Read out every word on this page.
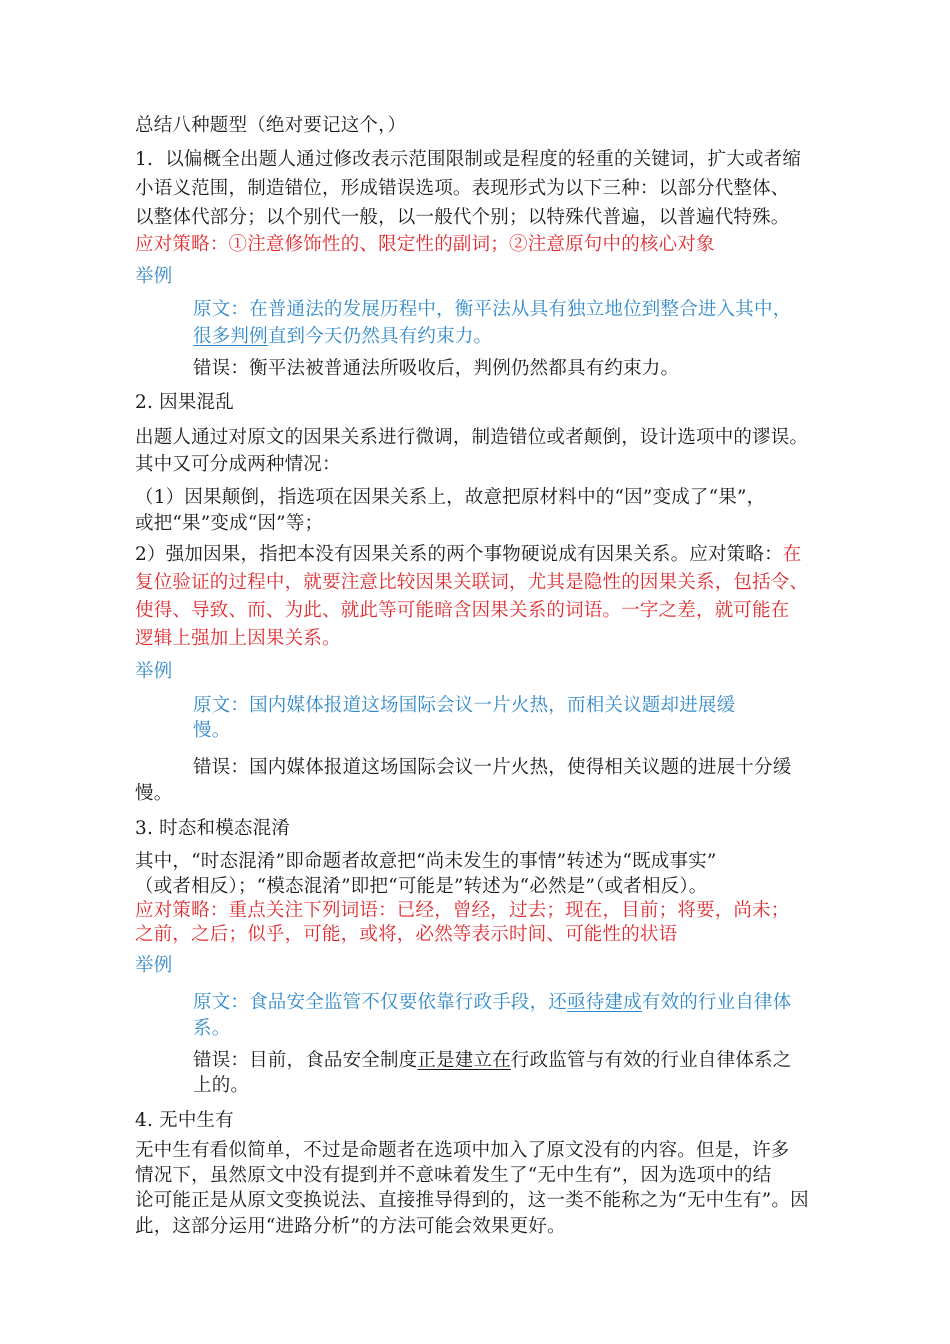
总结八种题型（绝对要记这个，）
1. 以偏概全出题人通过修改表示范围限制或是程度的轻重的关键词，扩大或者缩
小语义范围，制造错位，形成错误选项。表现形式为以下三种：以部分代整体、
以整体代部分；以个别代一般，以一般代个别；以特殊代普遍，以普遍代特殊。
应对策略：①注意修饰性的、限定性的副词；②注意原句中的核心对象
举例
原文：在普通法的发展历程中，衡平法从具有独立地位到整合进入其中，
很多判例直到今天仍然具有约束力。
错误：衡平法被普通法所吸收后，判例仍然都具有约束力。
2. 因果混乱
出题人通过对原文的因果关系进行微调，制造错位或者颠倒，设计选项中的谬误。
其中又可分成两种情况：
（1）因果颠倒，指选项在因果关系上，故意把原材料中的“因”变成了“果”，
或把“果”变成“因”等；
2）强加因果，指把本没有因果关系的两个事物硬说成有因果关系。应对策略：在
复位验证的过程中，就要注意比较因果关联词，尤其是隐性的因果关系，包括令、
使得、导致、而、为此、就此等可能暗含因果关系的词语。一字之差，就可能在
逻辑上强加上因果关系。
举例
原文：国内媒体报道这场国际会议一片火热，而相关议题却进展缓
慢。
错误：国内媒体报道这场国际会议一片火热，使得相关议题的进展十分缓
慢。
3. 时态和模态混淆
其中，“时态混淆”即命题者故意把“尚未发生的事情”转述为“既成事实”
（或者相反）；“模态混淆”即把“可能是”转述为“必然是”（或者相反）。
应对策略：重点关注下列词语：已经，曾经，过去；现在，目前；将要，尚未；
之前，之后；似乎，可能，或将，必然等表示时间、可能性的状语
举例
原文：食品安全监管不仅要依靠行政手段，还亟待建成有效的行业自律体
系。
错误：目前，食品安全制度正是建立在行政监管与有效的行业自律体系之
上的。
4. 无中生有
无中生有看似简单，不过是命题者在选项中加入了原文没有的内容。但是，许多
情况下，虽然原文中没有提到并不意味着发生了“无中生有”，因为选项中的结
论可能正是从原文变换说法、直接推导得到的，这一类不能称之为“无中生有”。因
此，这部分运用“进路分析”的方法可能会效果更好。
